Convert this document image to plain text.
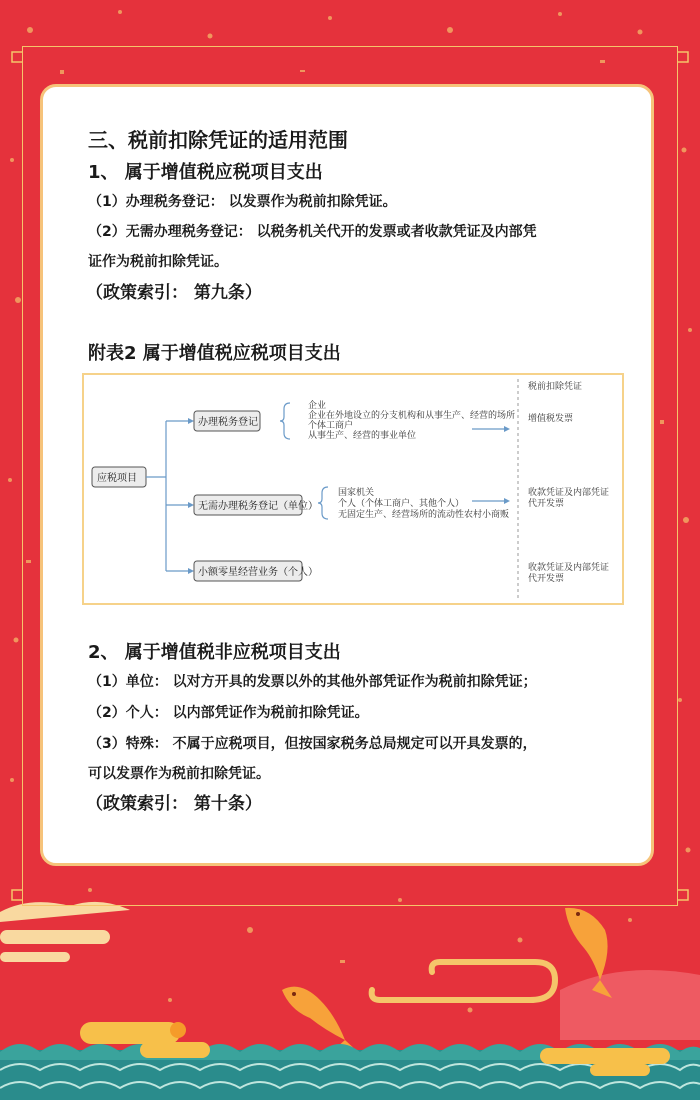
三、税前扣除凭证的适用范围
1、 属于增值税应税项目支出
（1）办理税务登记： 以发票作为税前扣除凭证。
（2）无需办理税务登记： 以税务机关代开的发票或者收款凭证及内部凭
证作为税前扣除凭证。
（政策索引： 第九条）
附表2 属于增值税应税项目支出
税前扣除凭证
应税项目
办理税务登记
企业
企业在外地设立的分支机构和从事生产、经营的场所
个体工商户
从事生产、经营的事业单位
增值税发票
无需办理税务登记（单位）
国家机关
个人（个体工商户、其他个人）
无固定生产、经营场所的流动性农村小商贩
收款凭证及内部凭证
代开发票
小额零星经营业务（个人）	收款凭证及内部凭证
代开发票
2、 属于增值税非应税项目支出
（1）单位： 以对方开具的发票以外的其他外部凭证作为税前扣除凭证；
（2）个人： 以内部凭证作为税前扣除凭证。
（3）特殊： 不属于应税项目，但按国家税务总局规定可以开具发票的，
可以发票作为税前扣除凭证。
（政策索引： 第十条）
